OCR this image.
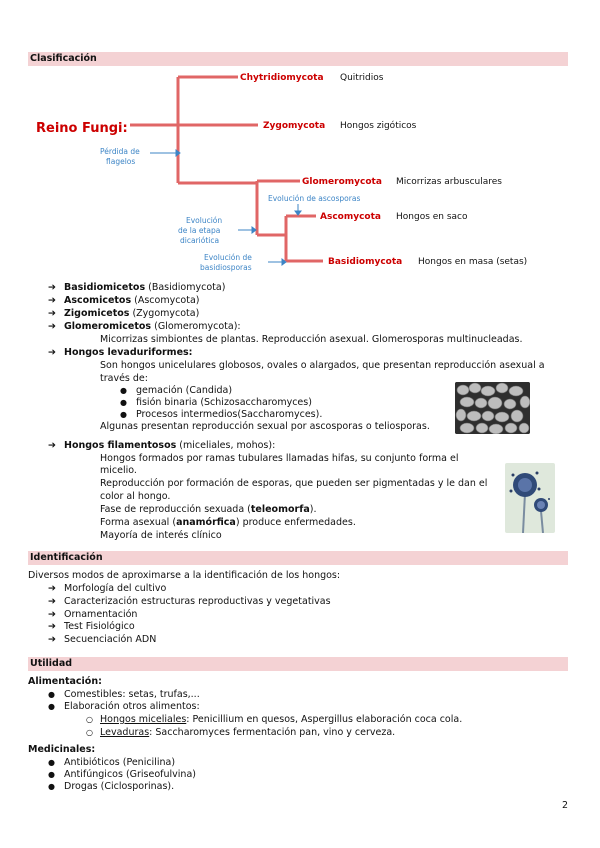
Clasificación
Reino Fungi:
Chytridiomycota Quitridios
Zygomycota Hongos zigóticos
Glomeromycota Micorrizas arbusculares
Ascomycota Hongos en saco
Basidiomycota Hongos en masa (setas)
Pérdida de
flagelos
Evolución de ascosporas
Evolución
de la etapa
dicariótica
Evolución de
basidiosporas
➔ Basidiomicetos (Basidiomycota)
➔ Ascomicetos (Ascomycota)
➔ Zigomicetos (Zygomycota)
➔ Glomeromicetos (Glomeromycota):
Micorrizas simbiontes de plantas. Reproducción asexual. Glomerosporas multinucleadas.
➔ Hongos levaduriformes:
Son hongos unicelulares globosos, ovales o alargados, que presentan reproducción asexual a
través de:
● gemación (Candida)
● fisión binaria (Schizosaccharomyces)
● Procesos intermedios(Saccharomyces).
Algunas presentan reproducción sexual por ascosporas o teliosporas.
➔ Hongos filamentosos (miceliales, mohos):
Hongos formados por ramas tubulares llamadas hifas, su conjunto forma el
micelio.
Reproducción por formación de esporas, que pueden ser pigmentadas y le dan el
color al hongo.
Fase de reproducción sexuada (teleomorfa).
Forma asexual (anamórfica) produce enfermedades.
Mayoría de interés clínico
Identificación
Diversos modos de aproximarse a la identificación de los hongos:
➔ Morfología del cultivo
➔ Caracterización estructuras reproductivas y vegetativas
➔ Ornamentación
➔ Test Fisiológico
➔ Secuenciación ADN
Utilidad
Alimentación:
● Comestibles: setas, trufas,...
● Elaboración otros alimentos:
○ Hongos miceliales: Penicillium en quesos, Aspergillus elaboración coca cola.
○ Levaduras: Saccharomyces fermentación pan, vino y cerveza.
Medicinales:
● Antibióticos (Penicilina)
● Antifúngicos (Griseofulvina)
● Drogas (Ciclosporinas).
2
